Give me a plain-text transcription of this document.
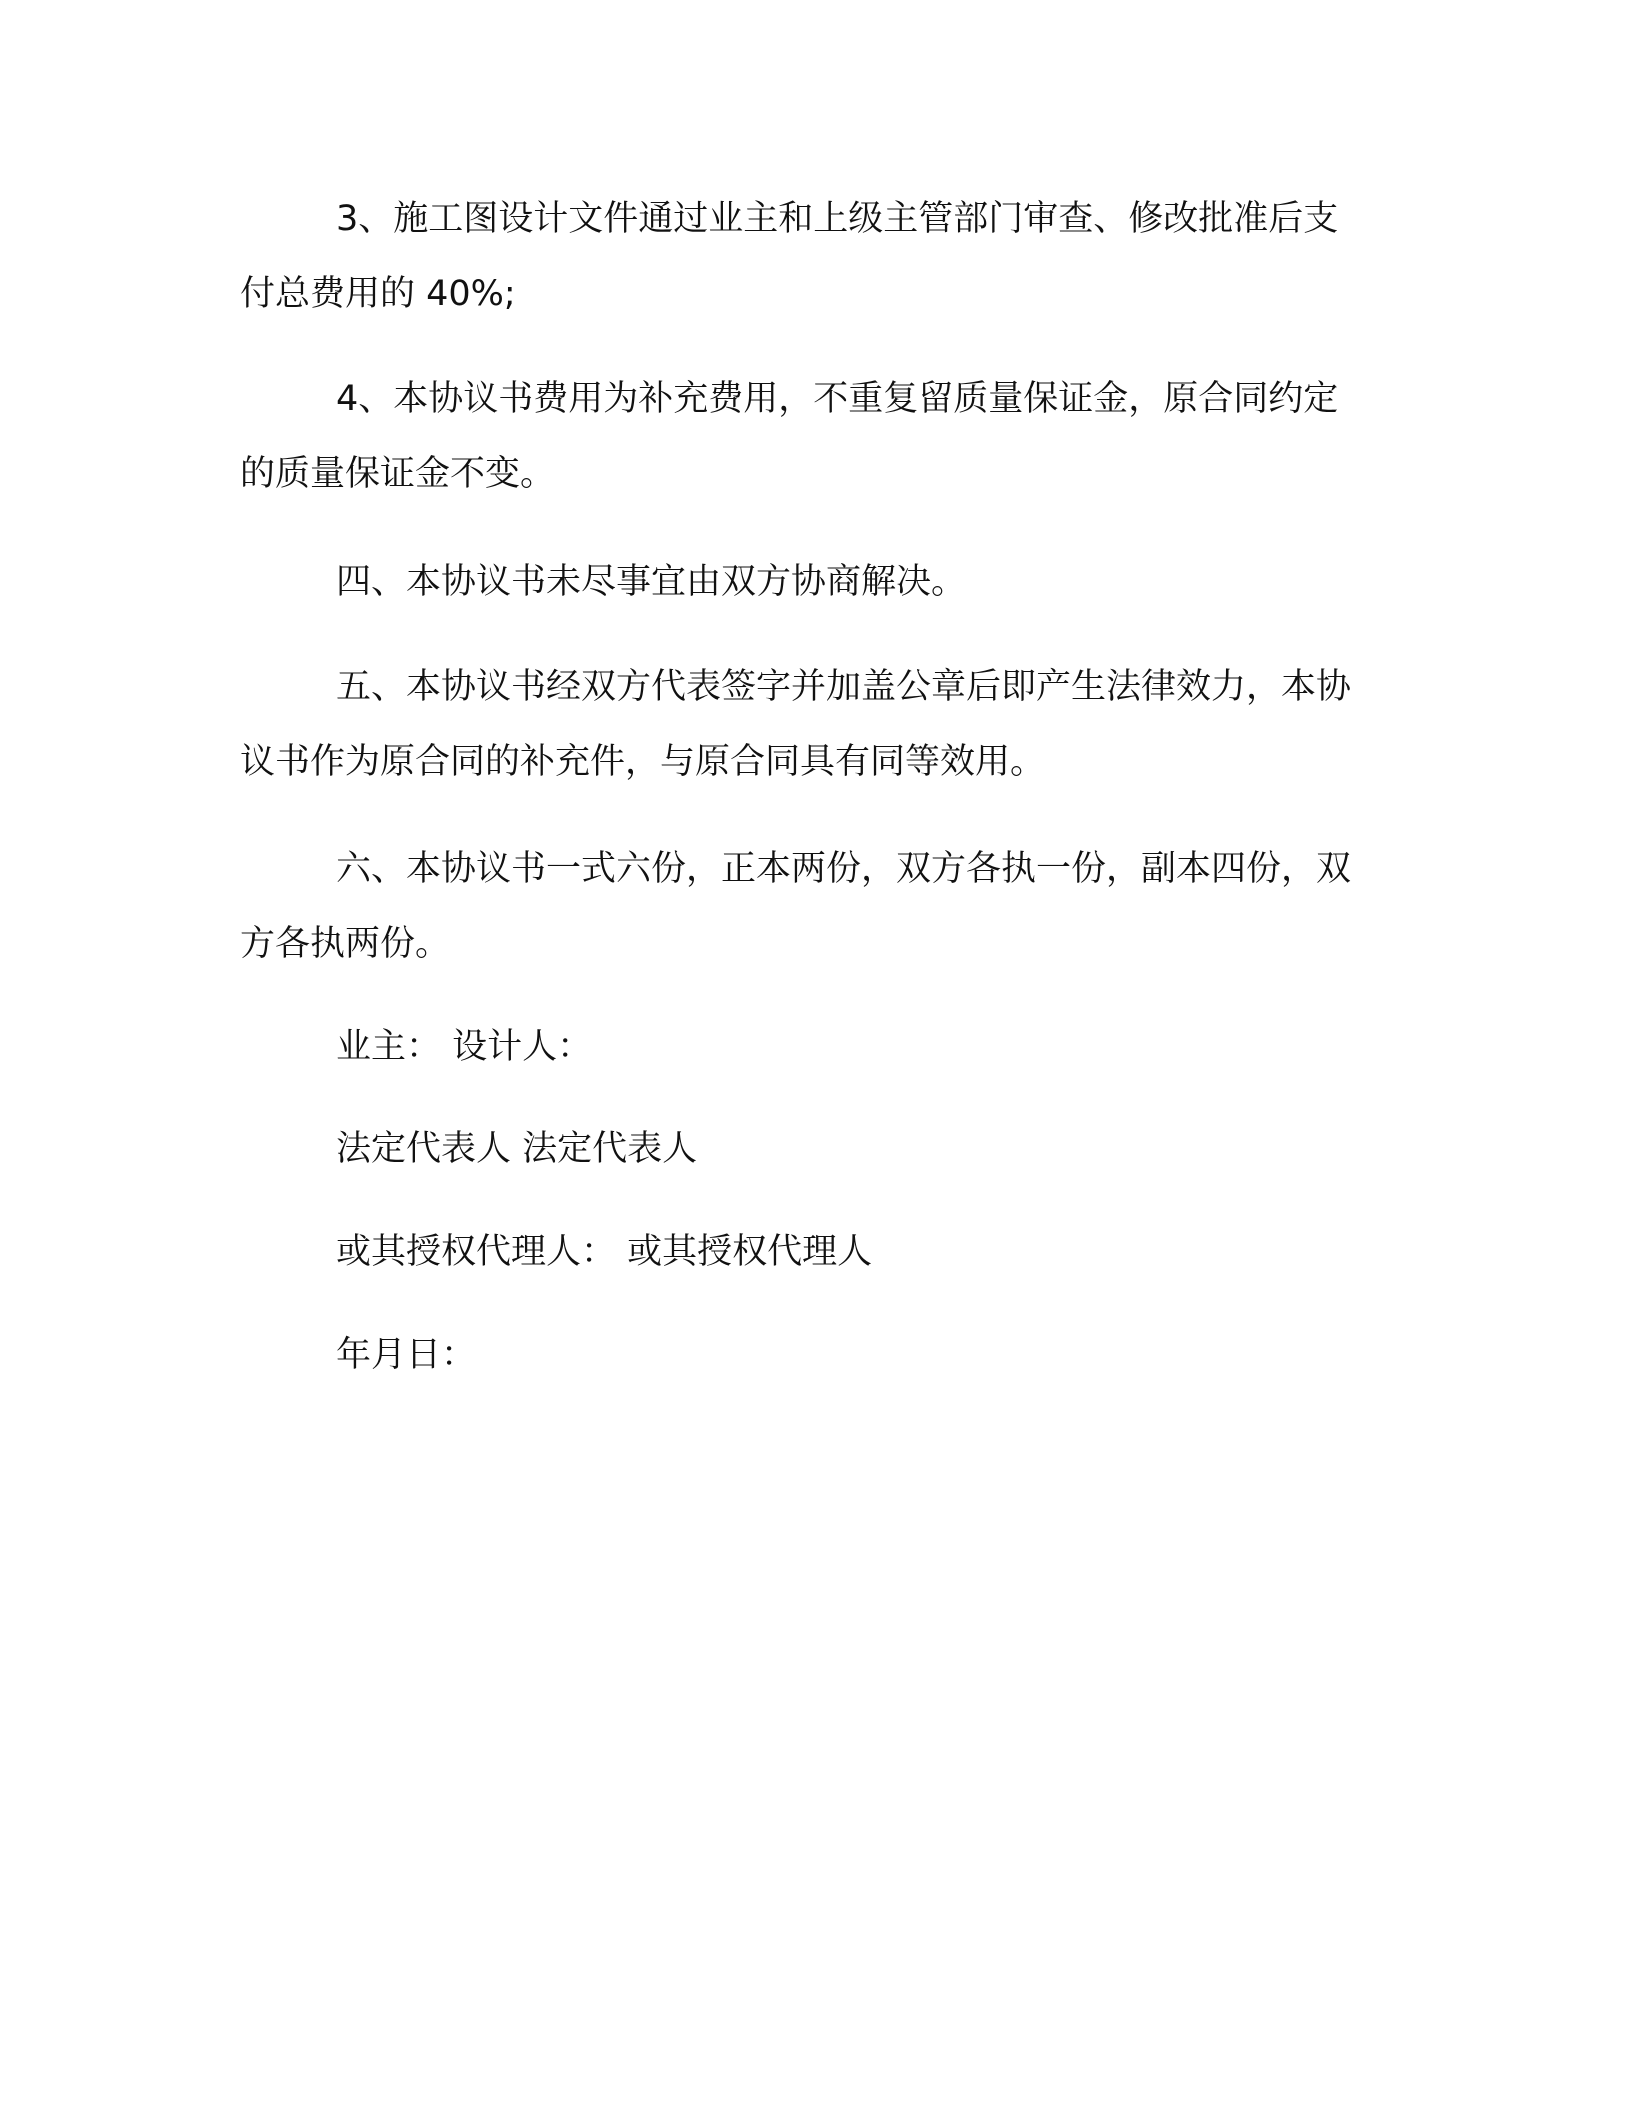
3、施工图设计文件通过业主和上级主管部门审查、修改批准后支付总费用的 40%;

4、本协议书费用为补充费用，不重复留质量保证金，原合同约定的质量保证金不变。

四、本协议书未尽事宜由双方协商解决。

五、本协议书经双方代表签字并加盖公章后即产生法律效力，本协议书作为原合同的补充件，与原合同具有同等效用。

六、本协议书一式六份，正本两份，双方各执一份，副本四份，双方各执两份。

业主： 设计人：

法定代表人 法定代表人

或其授权代理人： 或其授权代理人

年月日：
